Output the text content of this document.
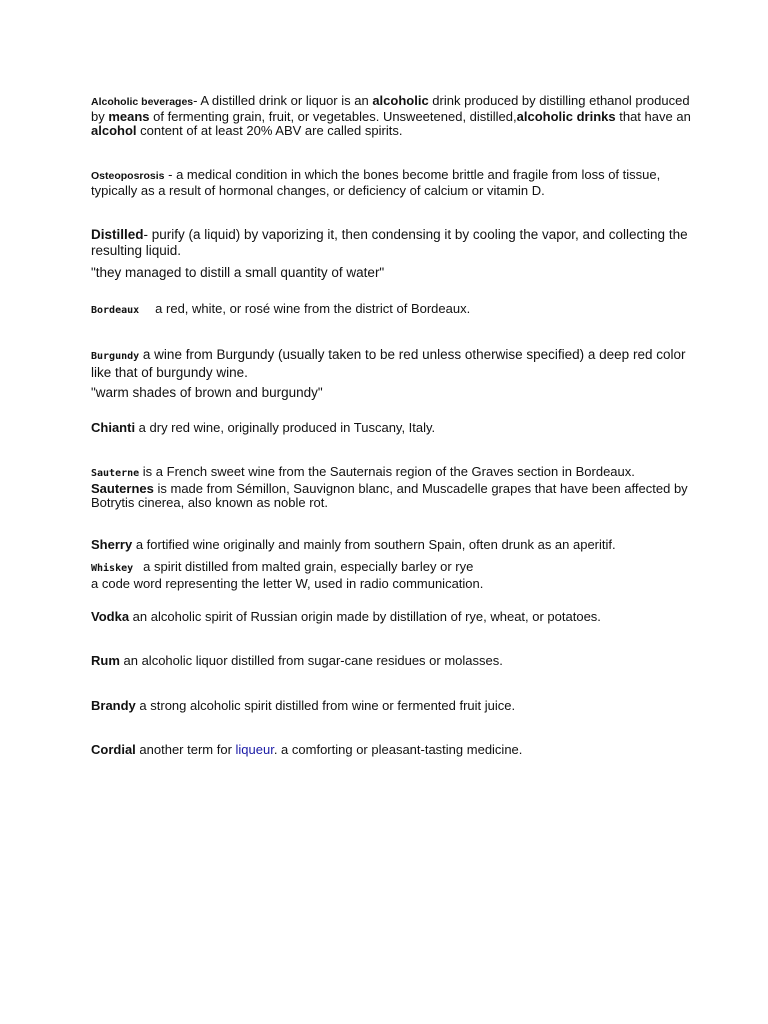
Alcoholic beverages- A distilled drink or liquor is an alcoholic drink produced by distilling ethanol produced by means of fermenting grain, fruit, or vegetables. Unsweetened, distilled,alcoholic drinks that have an alcohol content of at least 20% ABV are called spirits.

Osteoposrosis - a medical condition in which the bones become brittle and fragile from loss of tissue, typically as a result of hormonal changes, or deficiency of calcium or vitamin D.

Distilled- purify (a liquid) by vaporizing it, then condensing it by cooling the vapor, and collecting the resulting liquid.

"they managed to distill a small quantity of water"

Bordeaux a red, white, or rosé wine from the district of Bordeaux.

Burgundy a wine from Burgundy (usually taken to be red unless otherwise specified) a deep red color like that of burgundy wine.

"warm shades of brown and burgundy"

Chianti a dry red wine, originally produced in Tuscany, Italy.

Sauterne is a French sweet wine from the Sauternais region of the Graves section in Bordeaux. Sauternes is made from Sémillon, Sauvignon blanc, and Muscadelle grapes that have been affected by Botrytis cinerea, also known as noble rot.

Sherry a fortified wine originally and mainly from southern Spain, often drunk as an aperitif.

Whiskey a spirit distilled from malted grain, especially barley or rye
a code word representing the letter W, used in radio communication.

Vodka an alcoholic spirit of Russian origin made by distillation of rye, wheat, or potatoes.

Rum an alcoholic liquor distilled from sugar-cane residues or molasses.

Brandy a strong alcoholic spirit distilled from wine or fermented fruit juice.

Cordial another term for liqueur. a comforting or pleasant-tasting medicine.
